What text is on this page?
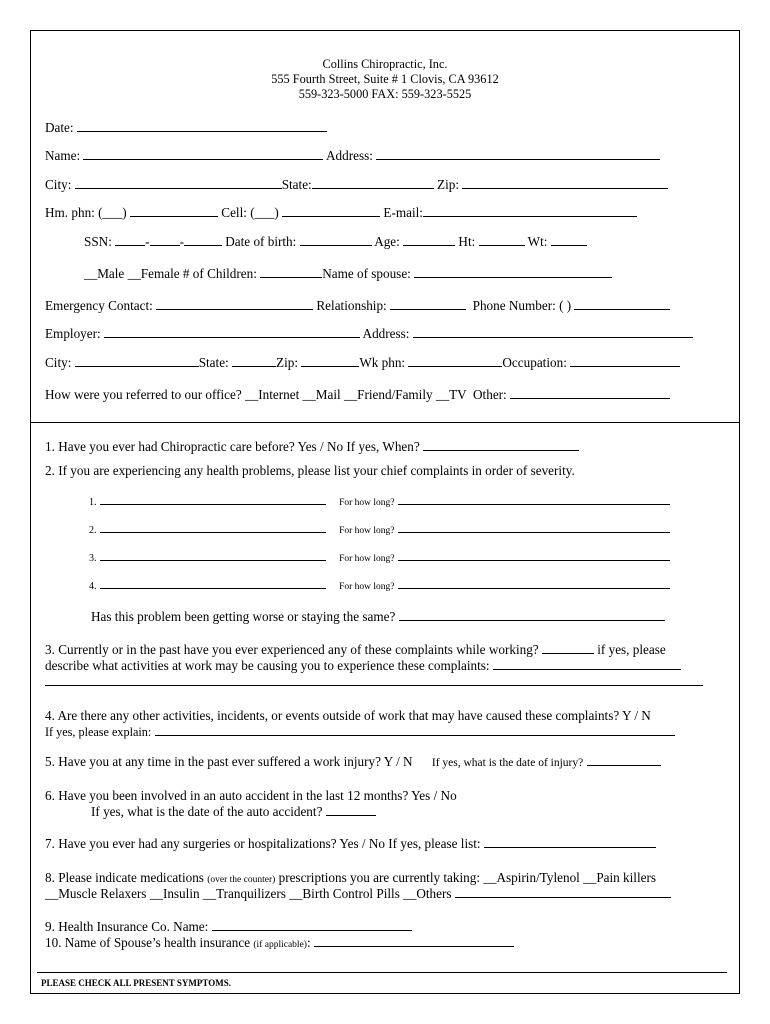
Collins Chiropractic, Inc.
555 Fourth Street, Suite # 1 Clovis, CA 93612
559-323-5000 FAX: 559-323-5525
Date:
Name:	Address:
City:	State:	Zip:
Hm. phn: (___)	Cell: (___)	E-mail:
SSN:	- -	Date of birth:	Age:	Ht:	Wt:
__Male __Female # of Children:	Name of spouse:
Emergency Contact:	Relationship:	Phone Number: ( )
Employer:	Address:
City:	State:	Zip:	Wk phn:	Occupation:
How were you referred to our office? __Internet __Mail __Friend/Family __TV Other:
1. Have you ever had Chiropractic care before? Yes / No If yes, When?
2. If you are experiencing any health problems, please list your chief complaints in order of severity.
1.	For how long?
2.	For how long?
3.	For how long?
4.	For how long?
Has this problem been getting worse or staying the same?
3. Currently or in the past have you ever experienced any of these complaints while working?	if yes, please
describe what activities at work may be causing you to experience these complaints:
4. Are there any other activities, incidents, or events outside of work that may have caused these complaints? Y / N
If yes, please explain:
5. Have you at any time in the past ever suffered a work injury? Y / N If yes, what is the date of injury?
6. Have you been involved in an auto accident in the last 12 months? Yes / No
If yes, what is the date of the auto accident?
7. Have you ever had any surgeries or hospitalizations? Yes / No If yes, please list:
8. Please indicate medications (over the counter) prescriptions you are currently taking: __Aspirin/Tylenol __Pain killers
__Muscle Relaxers __Insulin __Tranquilizers __Birth Control Pills __Others
9. Health Insurance Co. Name:
10. Name of Spouse’s health insurance (if applicable):
PLEASE CHECK ALL PRESENT SYMPTOMS.
